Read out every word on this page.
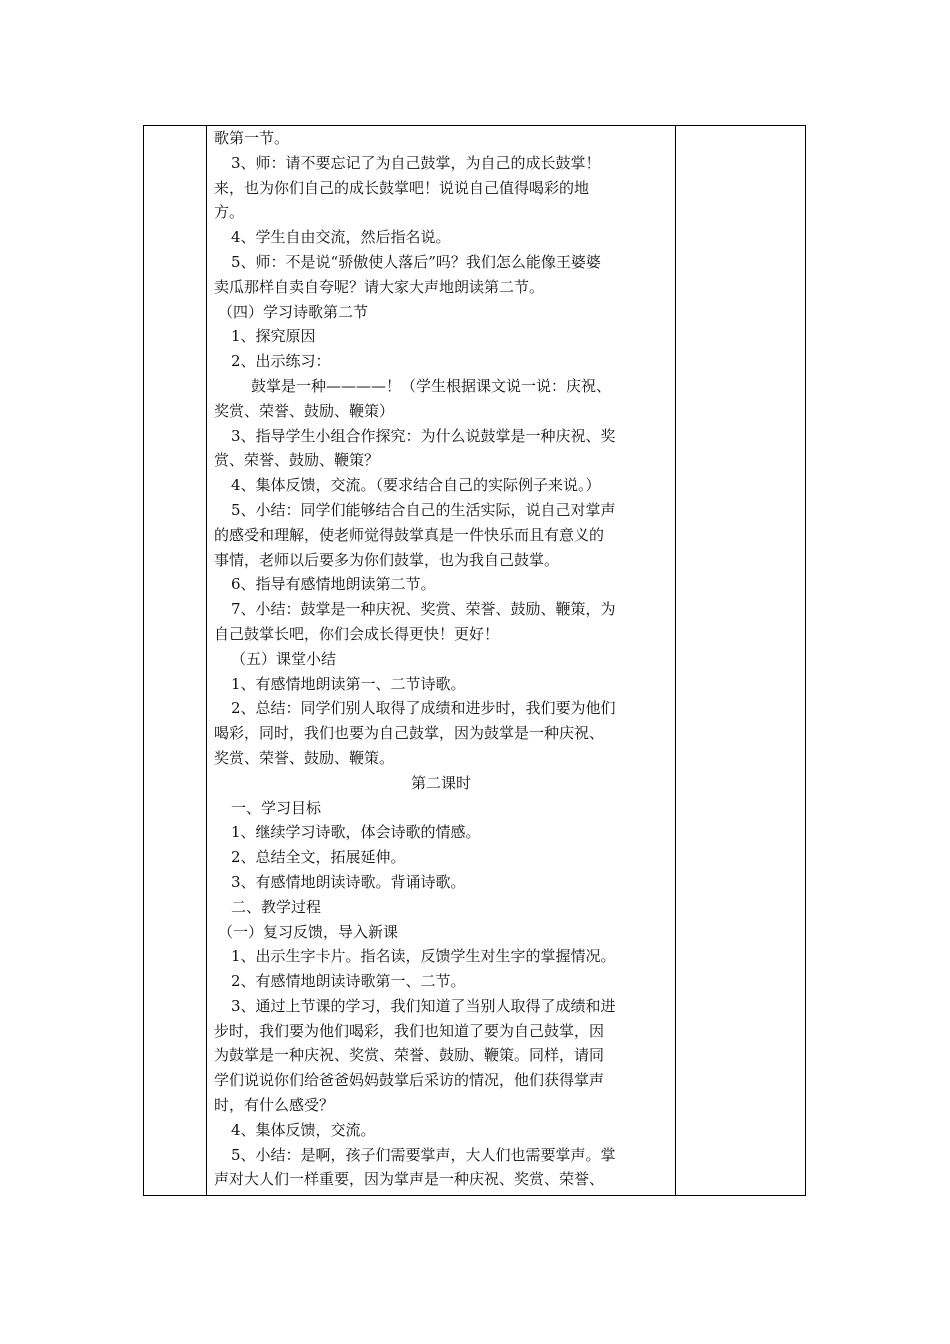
歌第一节。
3、师：请不要忘记了为自己鼓掌，为自己的成长鼓掌！
来，也为你们自己的成长鼓掌吧！说说自己值得喝彩的地
方。
4、学生自由交流，然后指名说。
5、师：不是说“骄傲使人落后”吗？我们怎么能像王婆婆
卖瓜那样自卖自夸呢？请大家大声地朗读第二节。
（四）学习诗歌第二节
1、探究原因
2、出示练习：
鼓掌是一种————！（学生根据课文说一说：庆祝、
奖赏、荣誉、鼓励、鞭策）
3、指导学生小组合作探究：为什么说鼓掌是一种庆祝、奖
赏、荣誉、鼓励、鞭策？
4、集体反馈，交流。（要求结合自己的实际例子来说。）
5、小结：同学们能够结合自己的生活实际，说自己对掌声
的感受和理解，使老师觉得鼓掌真是一件快乐而且有意义的
事情，老师以后要多为你们鼓掌，也为我自己鼓掌。
6、指导有感情地朗读第二节。
7、小结：鼓掌是一种庆祝、奖赏、荣誉、鼓励、鞭策，为
自己鼓掌长吧，你们会成长得更快！更好！
（五）课堂小结
1、有感情地朗读第一、二节诗歌。
2、总结：同学们别人取得了成绩和进步时，我们要为他们
喝彩，同时，我们也要为自己鼓掌，因为鼓掌是一种庆祝、
奖赏、荣誉、鼓励、鞭策。
第二课时
一、学习目标
1、继续学习诗歌，体会诗歌的情感。
2、总结全文，拓展延伸。
3、有感情地朗读诗歌。背诵诗歌。
二、教学过程
（一）复习反馈，导入新课
1、出示生字卡片。指名读，反馈学生对生字的掌握情况。
2、有感情地朗读诗歌第一、二节。
3、通过上节课的学习，我们知道了当别人取得了成绩和进
步时，我们要为他们喝彩，我们也知道了要为自己鼓掌，因
为鼓掌是一种庆祝、奖赏、荣誉、鼓励、鞭策。同样，请同
学们说说你们给爸爸妈妈鼓掌后采访的情况，他们获得掌声
时，有什么感受？
4、集体反馈，交流。
5、小结：是啊，孩子们需要掌声，大人们也需要掌声。掌
声对大人们一样重要，因为掌声是一种庆祝、奖赏、荣誉、
